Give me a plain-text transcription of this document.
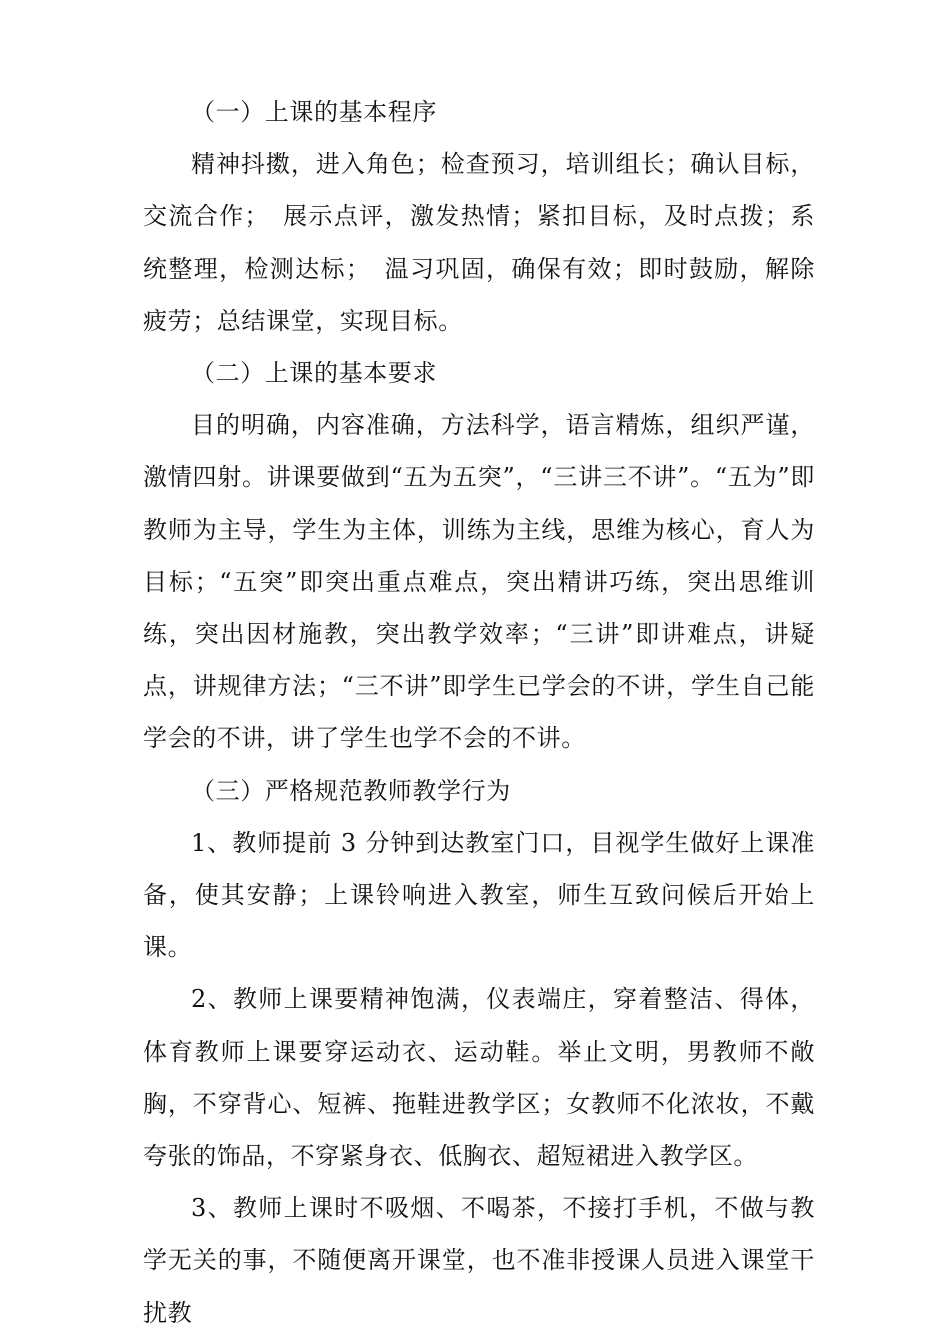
（一）上课的基本程序

精神抖擞，进入角色；检查预习，培训组长；确认目标，交流合作；　展示点评，激发热情；紧扣目标，及时点拨；系统整理，检测达标；　温习巩固，确保有效；即时鼓励，解除疲劳；总结课堂，实现目标。

（二）上课的基本要求

目的明确，内容准确，方法科学，语言精炼，组织严谨，激情四射。讲课要做到“五为五突”，“三讲三不讲”。“五为”即教师为主导，学生为主体，训练为主线，思维为核心，育人为目标；“五突”即突出重点难点，突出精讲巧练，突出思维训练，突出因材施教，突出教学效率；“三讲”即讲难点，讲疑点，讲规律方法；“三不讲”即学生已学会的不讲，学生自己能学会的不讲，讲了学生也学不会的不讲。

（三）严格规范教师教学行为

1、教师提前 3 分钟到达教室门口，目视学生做好上课准备，使其安静；上课铃响进入教室，师生互致问候后开始上课。

2、教师上课要精神饱满，仪表端庄，穿着整洁、得体，体育教师上课要穿运动衣、运动鞋。举止文明，男教师不敞胸，不穿背心、短裤、拖鞋进教学区；女教师不化浓妆，不戴夸张的饰品，不穿紧身衣、低胸衣、超短裙进入教学区。

3、教师上课时不吸烟、不喝茶，不接打手机，不做与教学无关的事，不随便离开课堂，也不准非授课人员进入课堂干扰教
